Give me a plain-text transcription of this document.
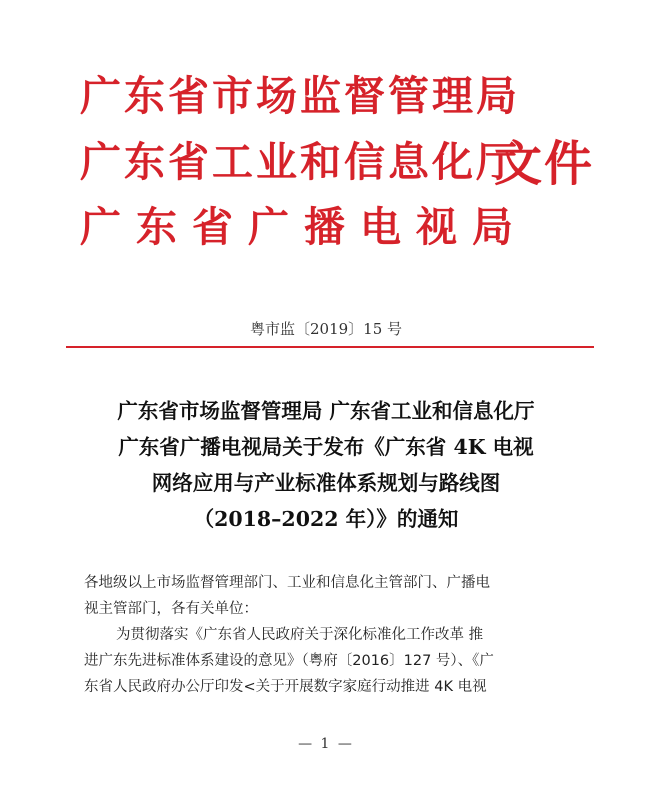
广东省市场监督管理局
广东省工业和信息化厅
广东省广播电视局
文件
粤市监〔2019〕15 号
广东省市场监督管理局 广东省工业和信息化厅
广东省广播电视局关于发布《广东省 4K 电视
网络应用与产业标准体系规划与路线图
（2018–2022 年）》的通知
各地级以上市场监督管理部门、工业和信息化主管部门、广播电
视主管部门，各有关单位：
为贯彻落实《广东省人民政府关于深化标准化工作改革 推
进广东先进标准体系建设的意见》（粤府〔2016〕127 号）、《广
东省人民政府办公厅印发<关于开展数字家庭行动推进 4K 电视
— 1 —
